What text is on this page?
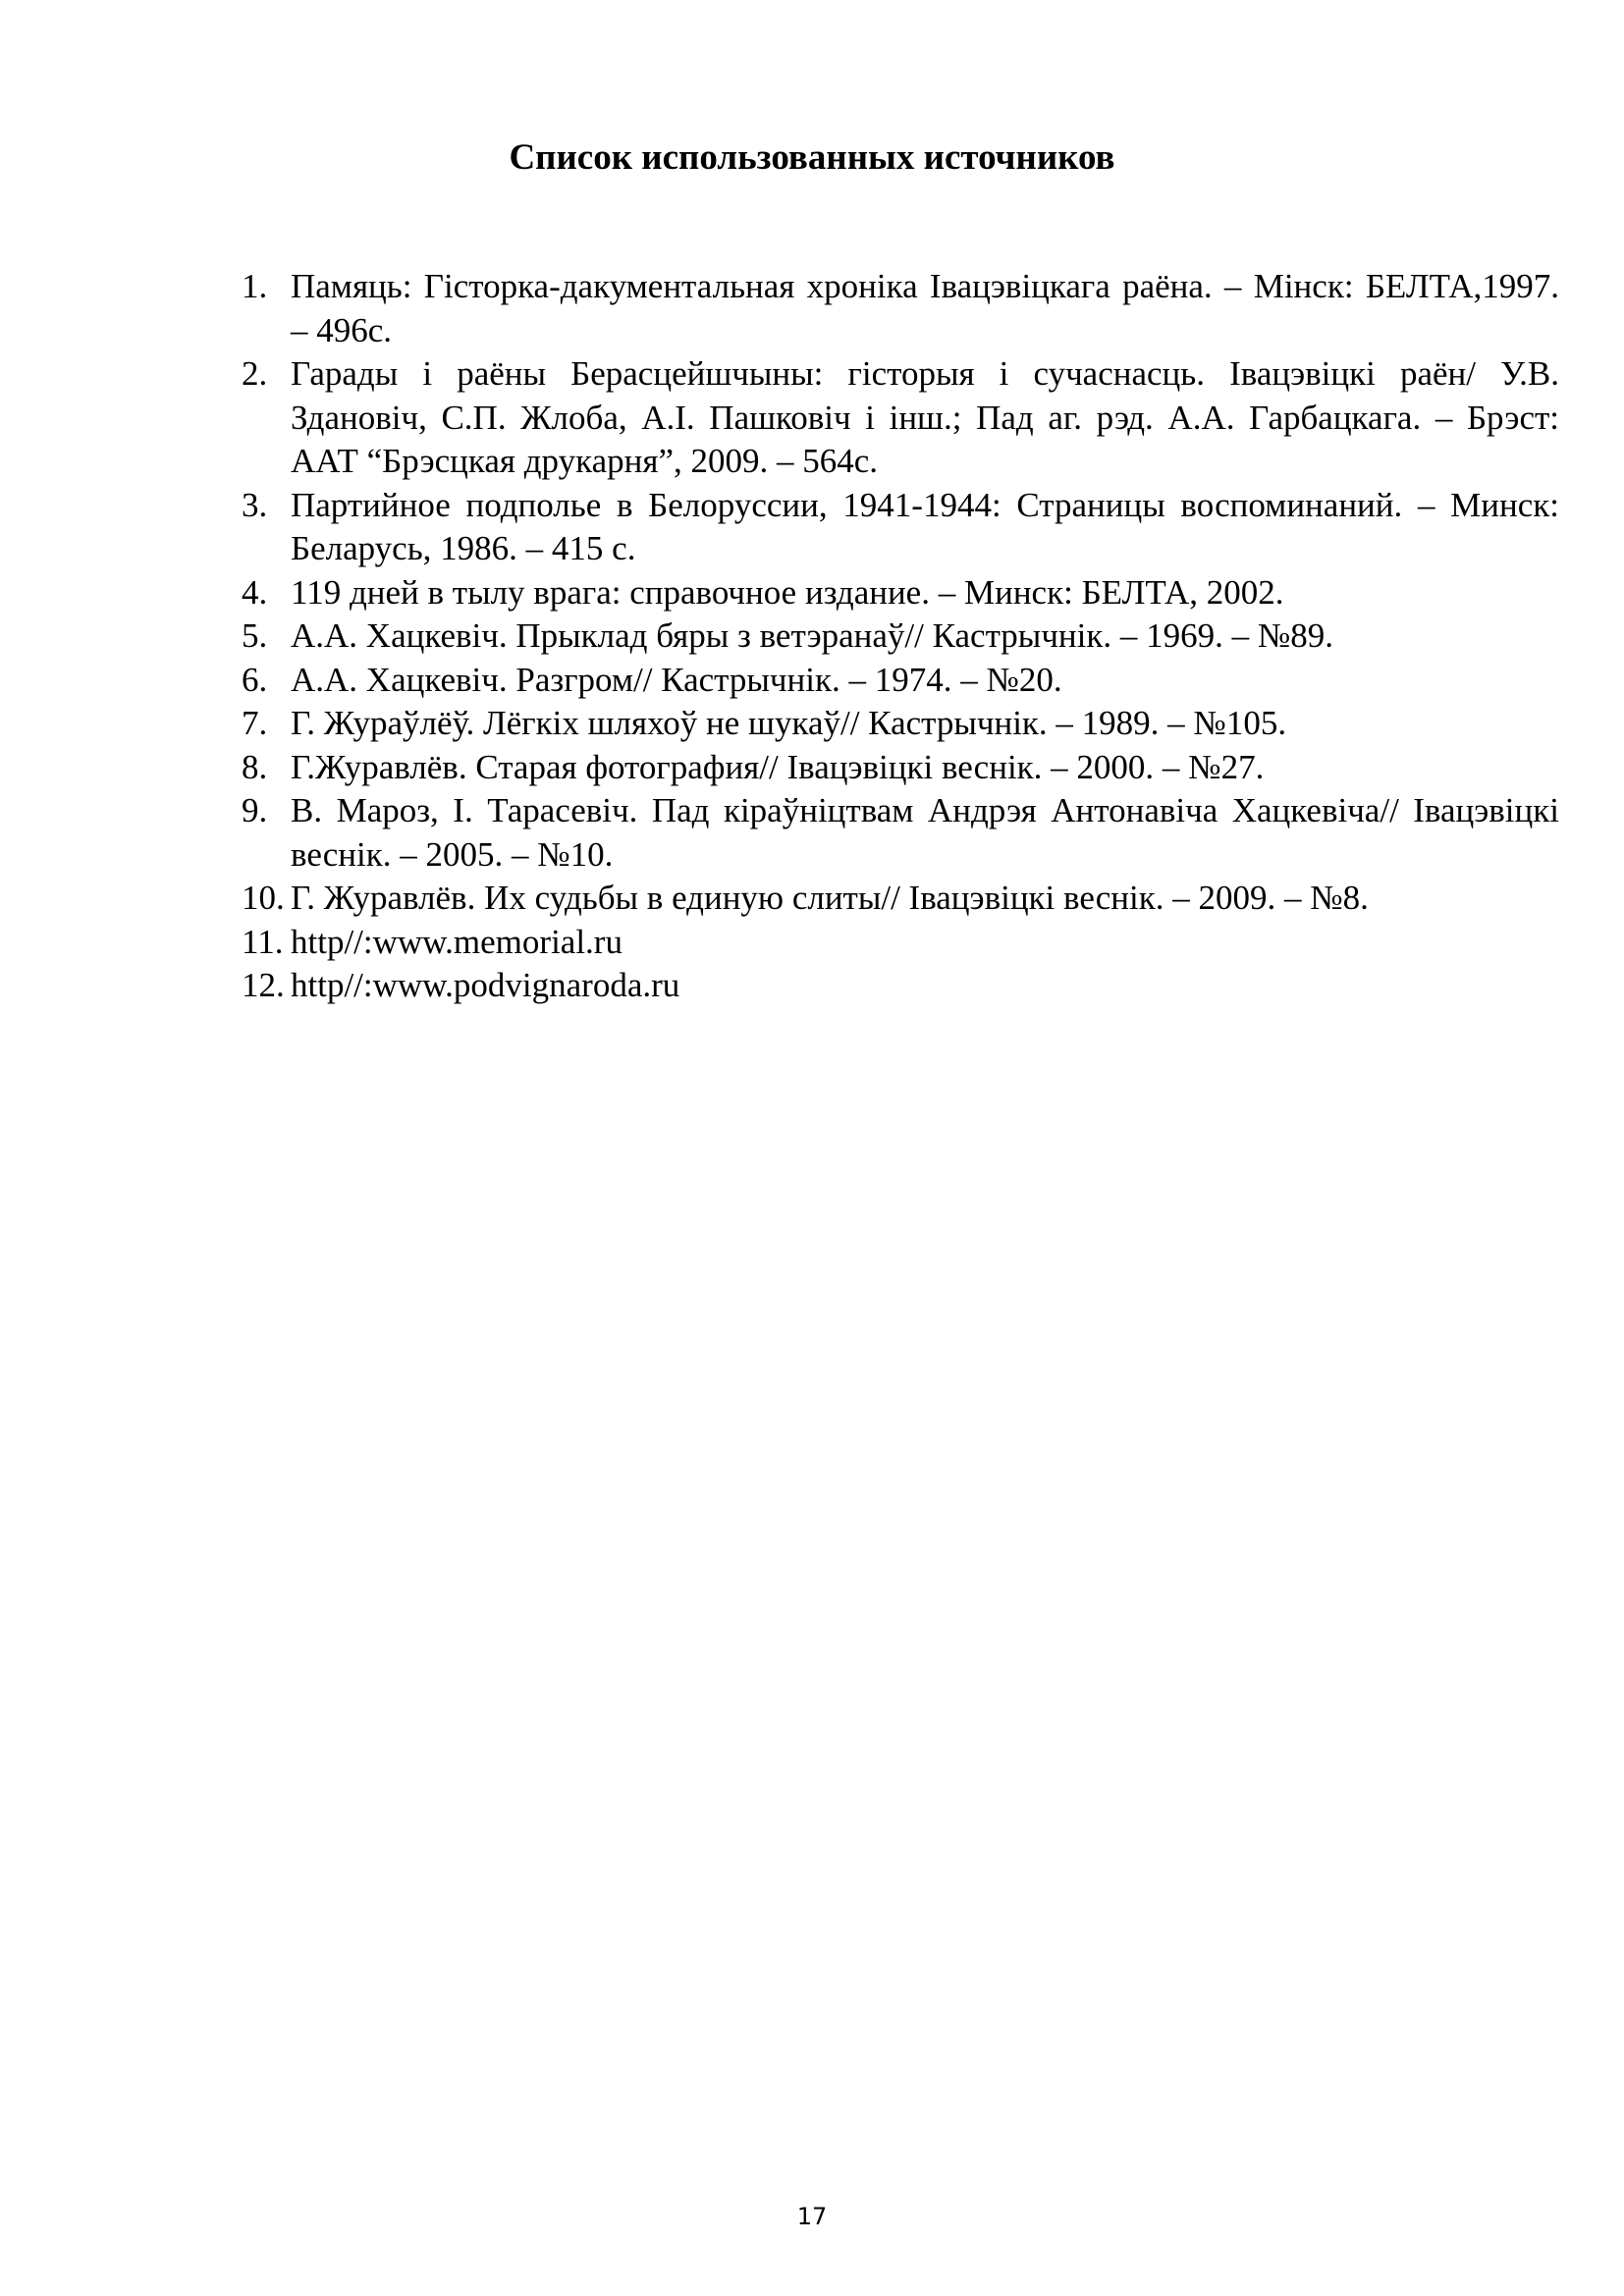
Список использованных источников
1. Памяць: Гісторка-дакументальная хроніка Івацэвіцкага раёна. – Мінск: БЕЛТА,1997. – 496с.
2. Гарады і раёны Берасцейшчыны: гісторыя і сучаснасць. Івацэвіцкі раён/ У.В. Здановіч, С.П. Жлоба, А.І. Пашковіч і інш.; Пад аг. рэд. А.А. Гарбацкага. – Брэст: ААТ “Брэсцкая друкарня”, 2009. – 564с.
3. Партийное подполье в Белоруссии, 1941-1944: Страницы воспоминаний. – Минск: Беларусь, 1986. – 415 с.
4. 119 дней в тылу врага: справочное издание. – Минск: БЕЛТА, 2002.
5. А.А. Хацкевіч. Прыклад бяры з ветэранаў// Кастрычнік. – 1969. – №89.
6. А.А. Хацкевіч. Разгром// Кастрычнік. – 1974. – №20.
7. Г. Жураўлёў. Лёгкіх шляхоў не шукаў// Кастрычнік. – 1989. – №105.
8. Г.Журавлёв. Старая фотография// Івацэвіцкі веснік. – 2000. – №27.
9. В. Мароз, І. Тарасевіч. Пад кіраўніцтвам Андрэя Антонавіча Хацкевіча// Івацэвіцкі веснік. – 2005. – №10.
10. Г. Журавлёв. Их судьбы в единую слиты// Івацэвіцкі веснік. – 2009. – №8.
11. http//:www.memorial.ru
12. http//:www.podvignaroda.ru
17
